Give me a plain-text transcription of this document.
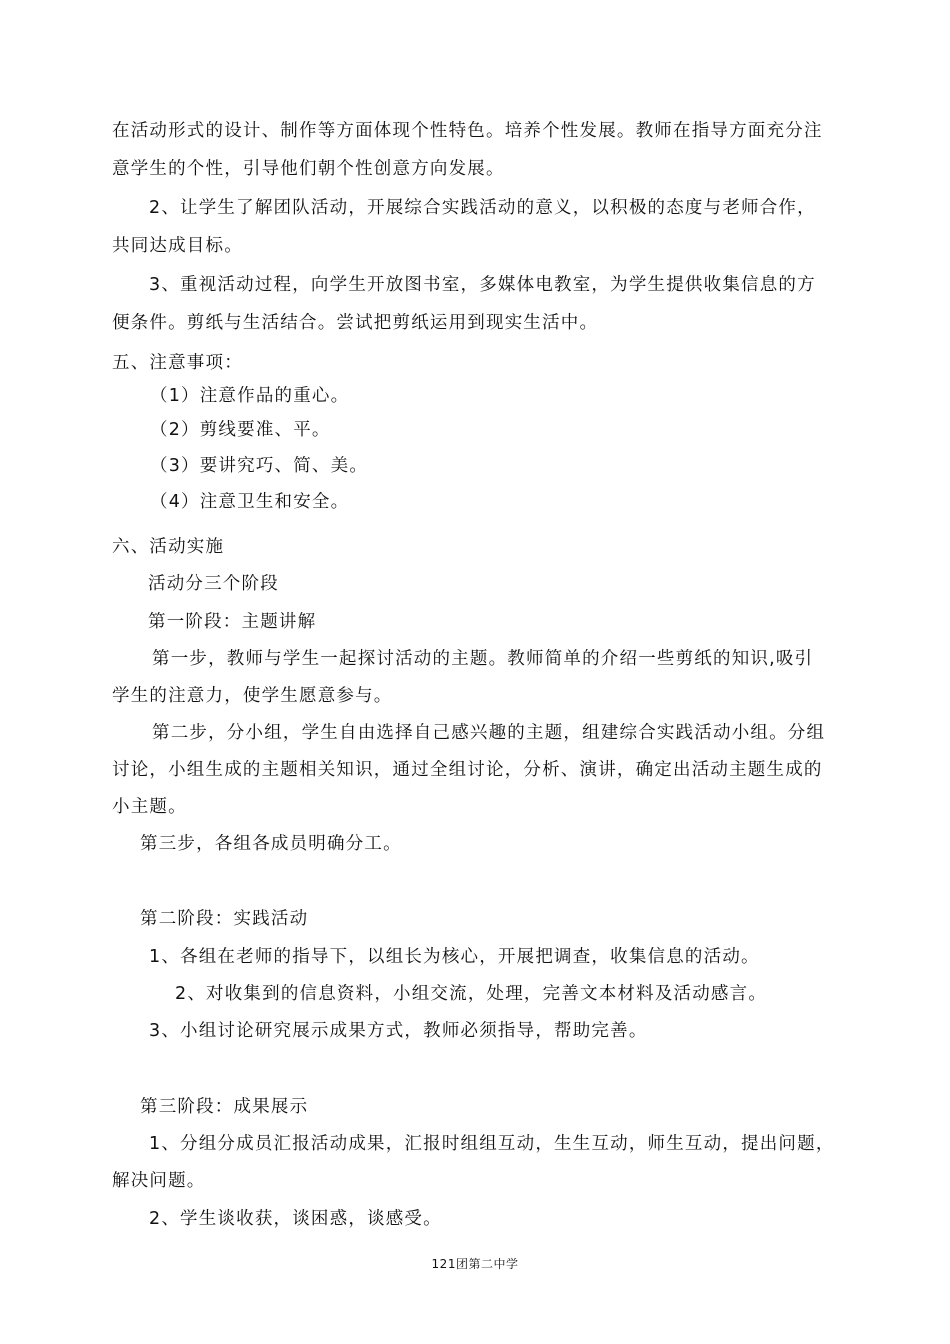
在活动形式的设计、制作等方面体现个性特色。培养个性发展。教师在指导方面充分注
意学生的个性，引导他们朝个性创意方向发展。
2、让学生了解团队活动，开展综合实践活动的意义，以积极的态度与老师合作，
共同达成目标。
3、重视活动过程，向学生开放图书室，多媒体电教室，为学生提供收集信息的方
便条件。剪纸与生活结合。尝试把剪纸运用到现实生活中。
五、注意事项：
（1）注意作品的重心。
（2）剪线要准、平。
（3）要讲究巧、简、美。
（4）注意卫生和安全。
六、活动实施
活动分三个阶段
第一阶段：主题讲解
第一步，教师与学生一起探讨活动的主题。教师简单的介绍一些剪纸的知识,吸引
学生的注意力，使学生愿意参与。
第二步，分小组，学生自由选择自己感兴趣的主题，组建综合实践活动小组。分组
讨论，小组生成的主题相关知识，通过全组讨论，分析、演讲，确定出活动主题生成的
小主题。
第三步，各组各成员明确分工。
第二阶段：实践活动
1、各组在老师的指导下，以组长为核心，开展把调查，收集信息的活动。
2、对收集到的信息资料，小组交流，处理，完善文本材料及活动感言。
3、小组讨论研究展示成果方式，教师必须指导，帮助完善。
第三阶段：成果展示
1、分组分成员汇报活动成果，汇报时组组互动，生生互动，师生互动，提出问题，
解决问题。
2、学生谈收获，谈困惑，谈感受。
121团第二中学
